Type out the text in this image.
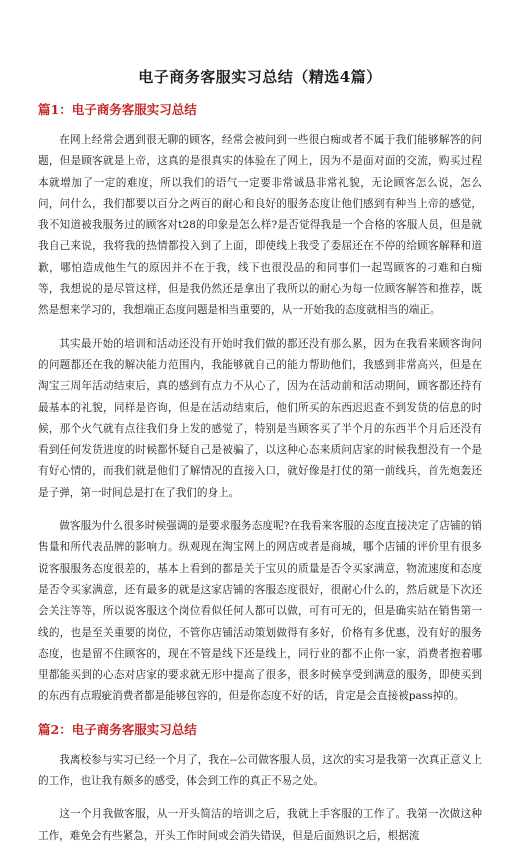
电子商务客服实习总结（精选4篇）
篇1：电子商务客服实习总结

在网上经常会遇到很无聊的顾客，经常会被问到一些很白痴或者不属于我们能够解答的问题，但是顾客就是上帝，这真的是很真实的体验在了网上，因为不是面对面的交流，购买过程本就增加了一定的难度，所以我们的语气一定要非常诚恳非常礼貌，无论顾客怎么说，怎么问，问什么，我们都要以百分之两百的耐心和良好的服务态度让他们感到有种当上帝的感觉，我不知道被我服务过的顾客对t28的印象是怎么样?是否觉得我是一个合格的客服人员，但是就我自己来说，我将我的热情都投入到了上面，即使线上我受了委屈还在不停的给顾客解释和道歉，哪怕造成他生气的原因并不在于我，线下也很没品的和同事们一起骂顾客的刁难和白痴等，我想说的是尽管这样，但是我仍然还是拿出了我所以的耐心为每一位顾客解答和推荐，既然是想来学习的，我想端正态度问题是相当重要的，从一开始我的态度就相当的端正。

其实最开始的培训和活动还没有开始时我们做的都还没有那么累，因为在我看来顾客询问的问题都还在我的解决能力范围内，我能够就自己的能力帮助他们，我感到非常高兴，但是在淘宝三周年活动结束后，真的感到有点力不从心了，因为在活动前和活动期间，顾客都还持有最基本的礼貌，同样是咨询，但是在活动结束后，他们所买的东西迟迟查不到发货的信息的时候，那个火气就有点往我们身上发的感觉了，特别是当顾客买了半个月的东西半个月后还没有看到任何发货进度的时候都怀疑自己是被骗了，以这种心态来质问店家的时候我想没有一个是有好心情的，而我们就是他们了解情况的直接入口，就好像是打仗的第一前线兵，首先炮轰还是子弹，第一时间总是打在了我们的身上。

做客服为什么很多时候强调的是要求服务态度呢?在我看来客服的态度直接决定了店铺的销售量和所代表品牌的影响力。纵观现在淘宝网上的网店或者是商城，哪个店铺的评价里有很多说客服服务态度很差的，基本上看到的都是关于宝贝的质量是否令买家满意，物流速度和态度是否令买家满意，还有最多的就是这家店铺的客服态度很好，很耐心什么的，然后就是下次还会关注等等，所以说客服这个岗位看似任何人都可以做，可有可无的，但是确实站在销售第一线的，也是至关重要的岗位，不管你店铺活动策划做得有多好，价格有多优惠，没有好的服务态度，也是留不住顾客的，现在不管是线下还是线上，同行业的都不止你一家，消费者抱着哪里都能买到的心态对店家的要求就无形中提高了很多，很多时候享受到满意的服务，即使买到的东西有点瑕疵消费者都是能够包容的，但是你态度不好的话，肯定是会直接被pass掉的。

篇2：电子商务客服实习总结

我离校参与实习已经一个月了，我在--公司做客服人员，这次的实习是我第一次真正意义上的工作，也让我有颇多的感受，体会到工作的真正不易之处。

这一个月我做客服，从一开头简洁的培训之后，我就上手客服的工作了。我第一次做这种工作，难免会有些紧急，开头工作时间或会消失错误，但是后面熟识之后，根据流
